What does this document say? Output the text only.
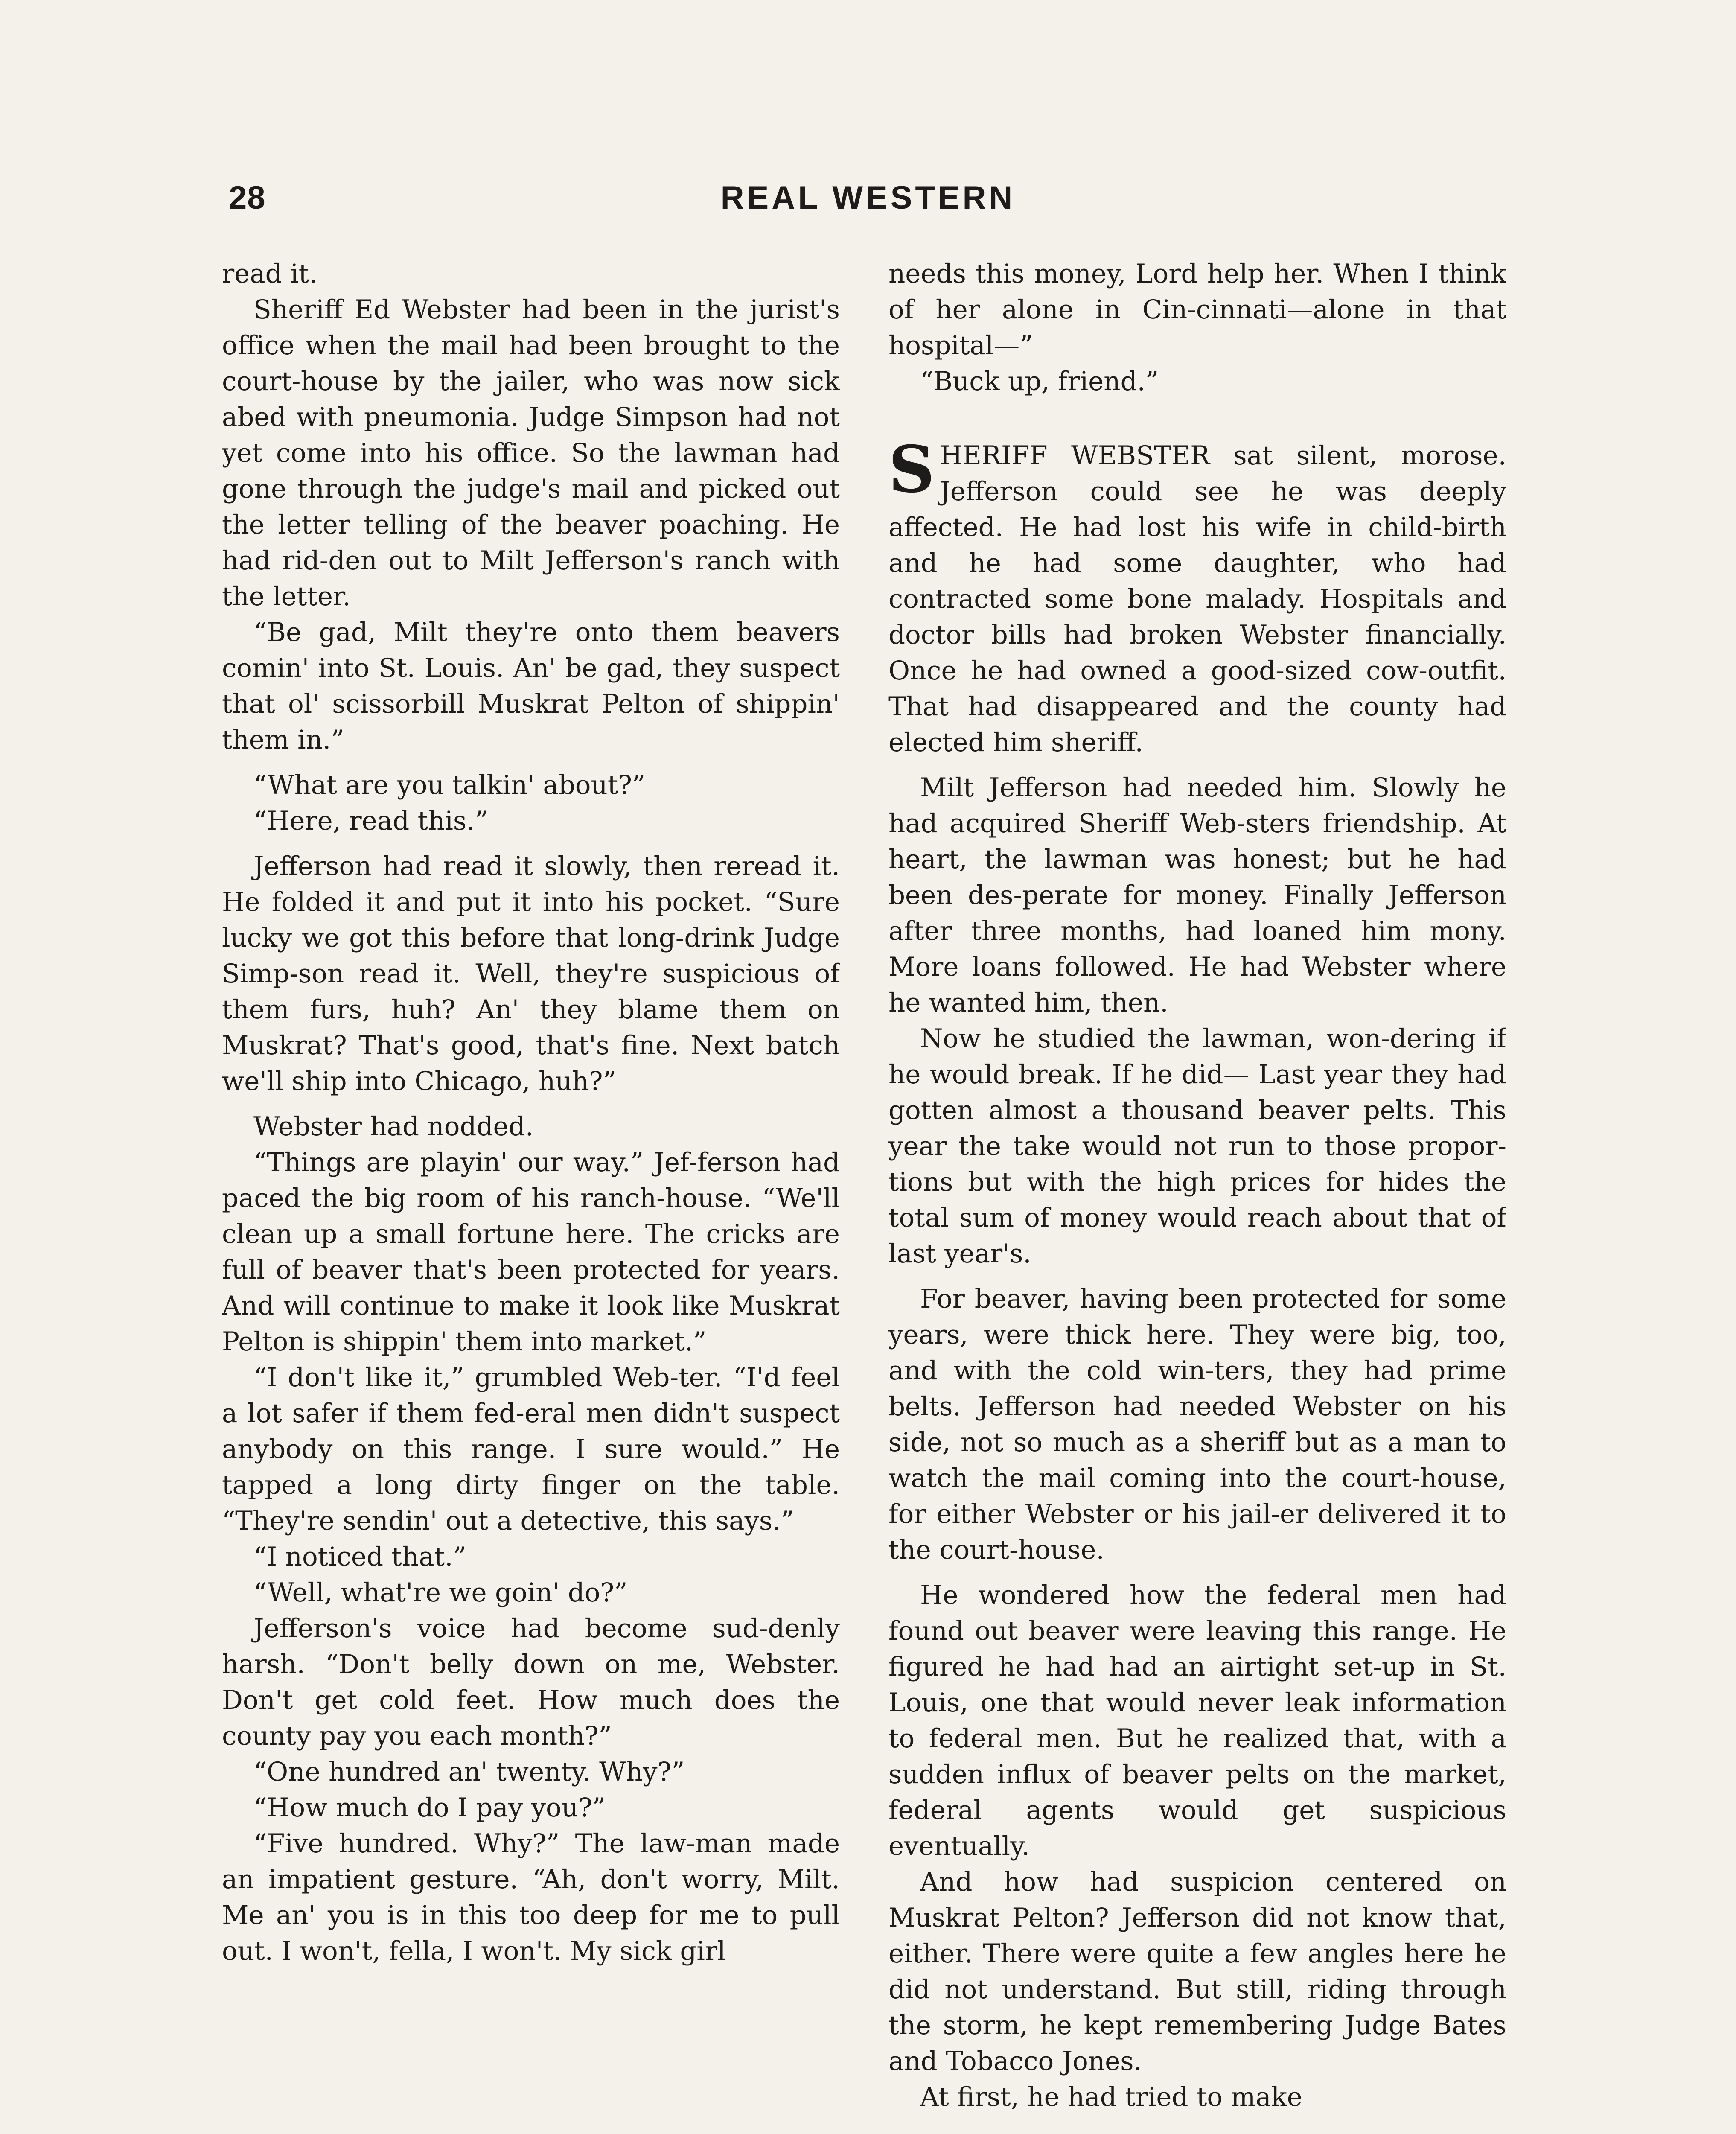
28	REAL WESTERN

read it.

Sheriff Ed Webster had been in the jurist's office when the mail had been brought to the court-house by the jailer, who was now sick abed with pneumonia. Judge Simpson had not yet come into his office. So the lawman had gone through the judge's mail and picked out the letter telling of the beaver poaching. He had rid-den out to Milt Jefferson's ranch with the letter.

“Be gad, Milt they're onto them beavers comin' into St. Louis. An' be gad, they suspect that ol' scissorbill Muskrat Pelton of shippin' them in.”

“What are you talkin' about?”

“Here, read this.”

Jefferson had read it slowly, then reread it. He folded it and put it into his pocket. “Sure lucky we got this before that long-drink Judge Simp-son read it. Well, they're suspicious of them furs, huh? An' they blame them on Muskrat? That's good, that's fine. Next batch we'll ship into Chicago, huh?”

Webster had nodded.

“Things are playin' our way.” Jef-ferson had paced the big room of his ranch-house. “We'll clean up a small fortune here. The cricks are full of beaver that's been protected for years. And will continue to make it look like Muskrat Pelton is shippin' them into market.”

“I don't like it,” grumbled Web-ter. “I'd feel a lot safer if them fed-eral men didn't suspect anybody on this range. I sure would.” He tapped a long dirty finger on the table. “They're sendin' out a detective, this says.”

“I noticed that.”

“Well, what're we goin' do?”

Jefferson's voice had become sud-denly harsh. “Don't belly down on me, Webster. Don't get cold feet. How much does the county pay you each month?”

“One hundred an' twenty. Why?”

“How much do I pay you?”

“Five hundred. Why?” The law-man made an impatient gesture. “Ah, don't worry, Milt. Me an' you is in this too deep for me to pull out. I won't, fella, I won't. My sick girl

needs this money, Lord help her. When I think of her alone in Cin-cinnati—alone in that hospital—”

“Buck up, friend.”

SHERIFF WEBSTER sat silent, morose. Jefferson could see he was deeply affected. He had lost his wife in child-birth and he had some daughter, who had contracted some bone malady. Hospitals and doctor bills had broken Webster financially. Once he had owned a good-sized cow-outfit. That had disappeared and the county had elected him sheriff.

Milt Jefferson had needed him. Slowly he had acquired Sheriff Web-sters friendship. At heart, the lawman was honest; but he had been des-perate for money. Finally Jefferson after three months, had loaned him mony. More loans followed. He had Webster where he wanted him, then.

Now he studied the lawman, won-dering if he would break. If he did— Last year they had gotten almost a thousand beaver pelts. This year the take would not run to those propor-tions but with the high prices for hides the total sum of money would reach about that of last year's.

For beaver, having been protected for some years, were thick here. They were big, too, and with the cold win-ters, they had prime belts. Jefferson had needed Webster on his side, not so much as a sheriff but as a man to watch the mail coming into the court-house, for either Webster or his jail-er delivered it to the court-house.

He wondered how the federal men had found out beaver were leaving this range. He figured he had had an airtight set-up in St. Louis, one that would never leak information to federal men. But he realized that, with a sudden influx of beaver pelts on the market, federal agents would get suspicious eventually.

And how had suspicion centered on Muskrat Pelton? Jefferson did not know that, either. There were quite a few angles here he did not understand. But still, riding through the storm, he kept remembering Judge Bates and Tobacco Jones.

At first, he had tried to make
